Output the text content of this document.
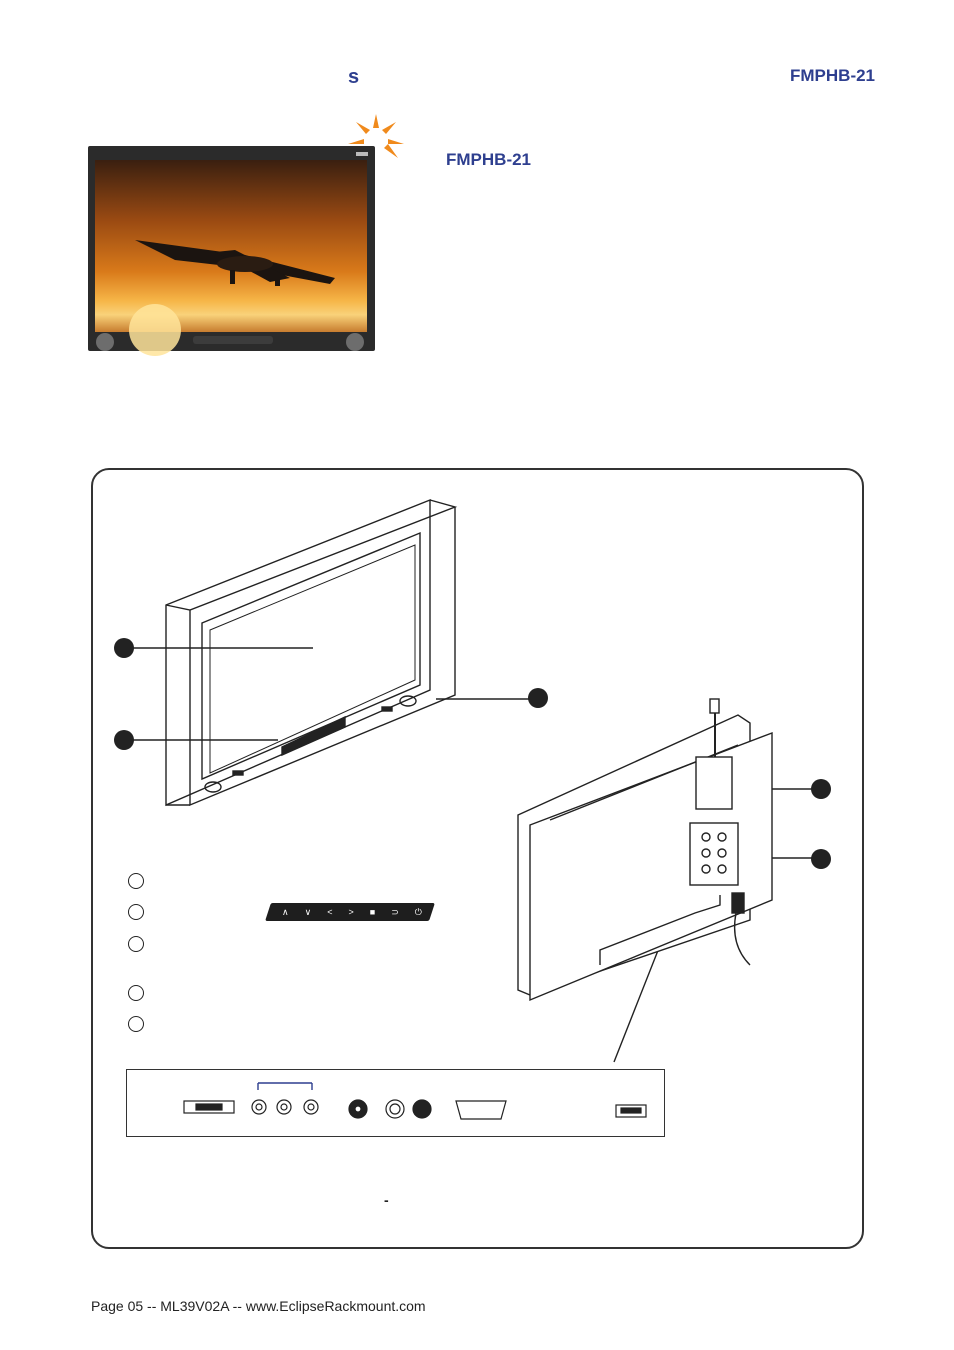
s	FMPHB-21
FMPHB-21
∧ ∨ < > ■ ⊃ ⏻
-
Page 05 -- ML39V02A -- www.EclipseRackmount.com
